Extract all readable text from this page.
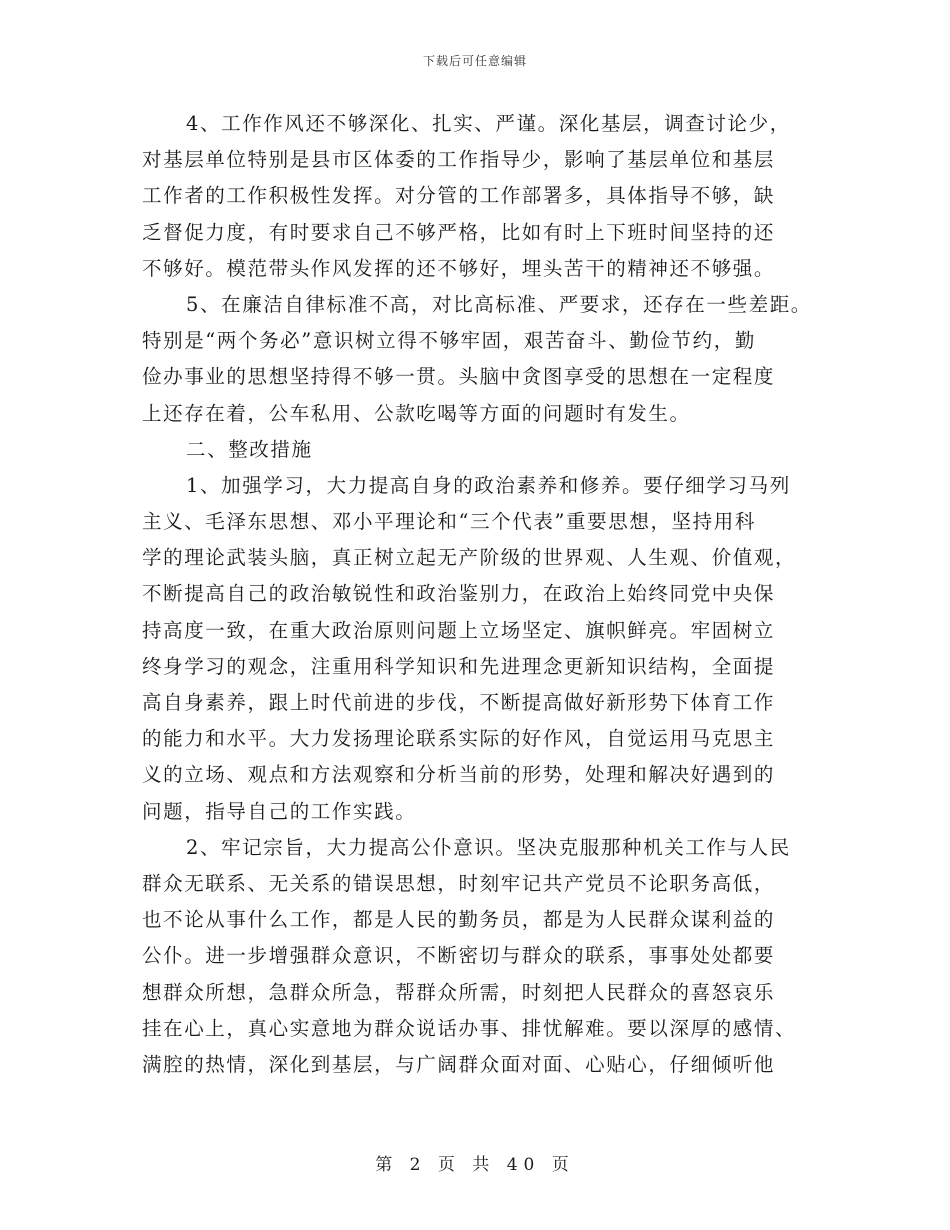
下载后可任意编辑
4、工作作风还不够深化、扎实、严谨。深化基层，调查讨论少，
对基层单位特别是县市区体委的工作指导少，影响了基层单位和基层
工作者的工作积极性发挥。对分管的工作部署多，具体指导不够，缺
乏督促力度，有时要求自己不够严格，比如有时上下班时间坚持的还
不够好。模范带头作风发挥的还不够好，埋头苦干的精神还不够强。
5、在廉洁自律标准不高，对比高标准、严要求，还存在一些差距。
特别是“两个务必”意识树立得不够牢固，艰苦奋斗、勤俭节约，勤
俭办事业的思想坚持得不够一贯。头脑中贪图享受的思想在一定程度
上还存在着，公车私用、公款吃喝等方面的问题时有发生。
二、整改措施
1、加强学习，大力提高自身的政治素养和修养。要仔细学习马列
主义、毛泽东思想、邓小平理论和“三个代表”重要思想，坚持用科
学的理论武装头脑，真正树立起无产阶级的世界观、人生观、价值观，
不断提高自己的政治敏锐性和政治鉴别力，在政治上始终同党中央保
持高度一致，在重大政治原则问题上立场坚定、旗帜鲜亮。牢固树立
终身学习的观念，注重用科学知识和先进理念更新知识结构，全面提
高自身素养，跟上时代前进的步伐，不断提高做好新形势下体育工作
的能力和水平。大力发扬理论联系实际的好作风，自觉运用马克思主
义的立场、观点和方法观察和分析当前的形势，处理和解决好遇到的
问题，指导自己的工作实践。
2、牢记宗旨，大力提高公仆意识。坚决克服那种机关工作与人民
群众无联系、无关系的错误思想，时刻牢记共产党员不论职务高低，
也不论从事什么工作，都是人民的勤务员，都是为人民群众谋利益的
公仆。进一步增强群众意识，不断密切与群众的联系，事事处处都要
想群众所想，急群众所急，帮群众所需，时刻把人民群众的喜怒哀乐
挂在心上，真心实意地为群众说话办事、排忧解难。要以深厚的感情、
满腔的热情，深化到基层，与广阔群众面对面、心贴心，仔细倾听他
第 2 页 共 40 页
